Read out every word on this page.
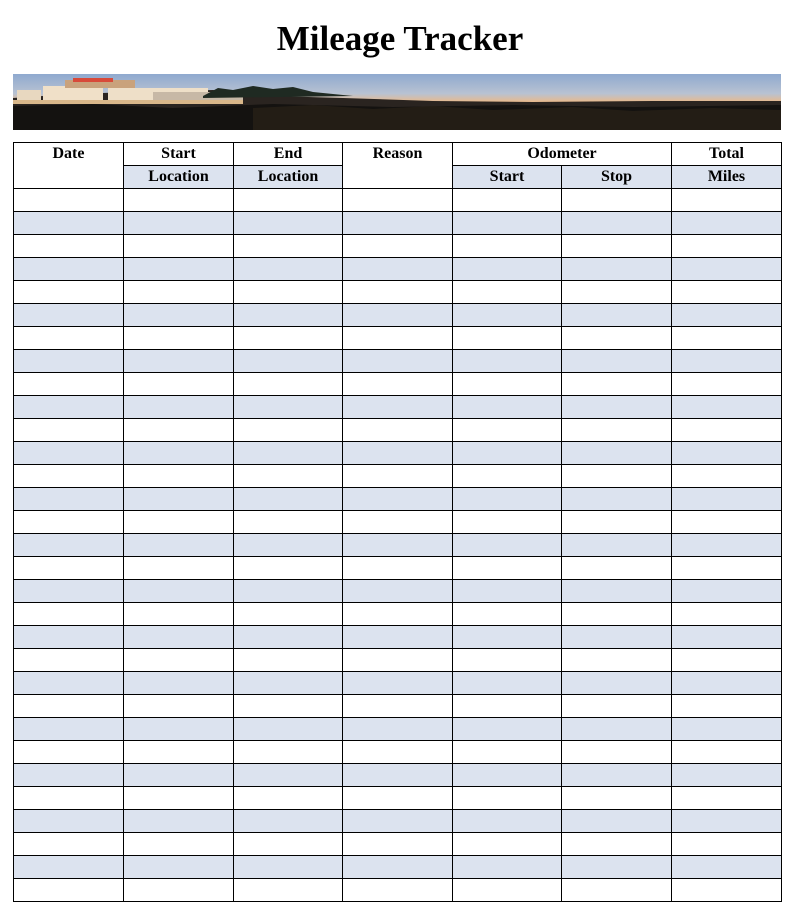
Mileage Tracker
Date	Start	End	Reason	Odometer		Total
	Location	Location		Start	Stop	Miles
